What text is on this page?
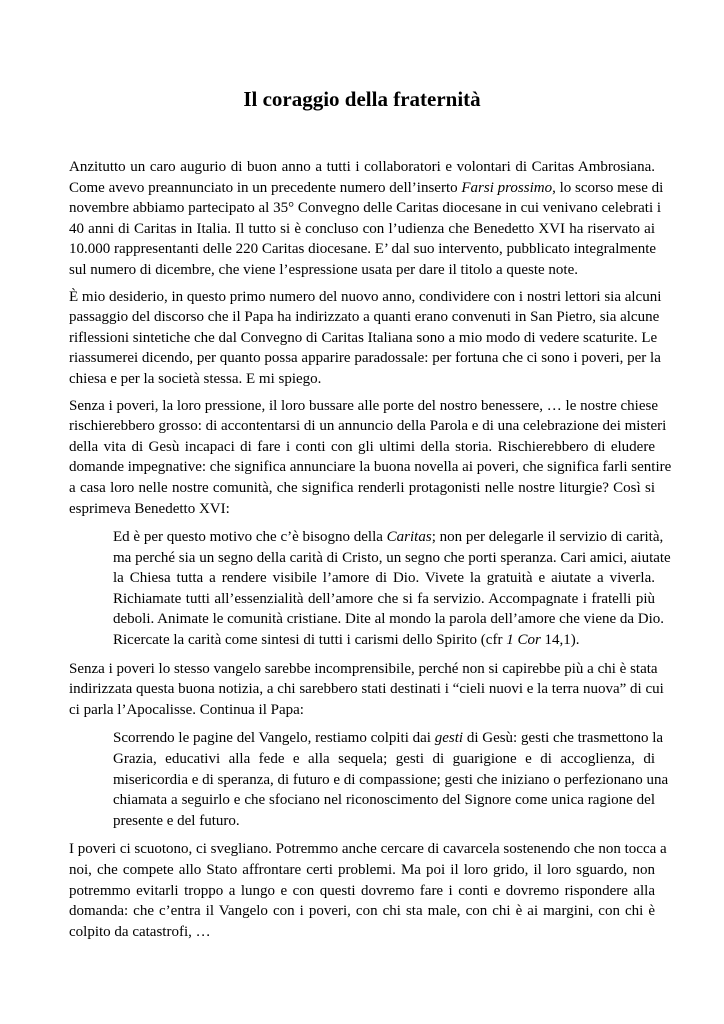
Il coraggio della fraternità

Anzitutto un caro augurio di buon anno a tutti i collaboratori e volontari di Caritas Ambrosiana.
Come avevo preannunciato in un precedente numero dell’inserto Farsi prossimo, lo scorso mese di
novembre abbiamo partecipato al 35° Convegno delle Caritas diocesane in cui venivano celebrati i
40 anni di Caritas in Italia. Il tutto si è concluso con l’udienza che Benedetto XVI ha riservato ai
10.000 rappresentanti delle 220 Caritas diocesane. E’ dal suo intervento, pubblicato integralmente
sul numero di dicembre, che viene l’espressione usata per dare il titolo a queste note.

È mio desiderio, in questo primo numero del nuovo anno, condividere con i nostri lettori sia alcuni
passaggio del discorso che il Papa ha indirizzato a quanti erano convenuti in San Pietro, sia alcune
riflessioni sintetiche che dal Convegno di Caritas Italiana sono a mio modo di vedere scaturite. Le
riassumerei dicendo, per quanto possa apparire paradossale: per fortuna che ci sono i poveri, per la
chiesa e per la società stessa. E mi spiego.

Senza i poveri, la loro pressione, il loro bussare alle porte del nostro benessere, … le nostre chiese
rischierebbero grosso: di accontentarsi di un annuncio della Parola e di una celebrazione dei misteri
della vita di Gesù incapaci di fare i conti con gli ultimi della storia. Rischierebbero di eludere
domande impegnative: che significa annunciare la buona novella ai poveri, che significa farli sentire
a casa loro nelle nostre comunità, che significa renderli protagonisti nelle nostre liturgie? Così si
esprimeva Benedetto XVI:

Ed è per questo motivo che c’è bisogno della Caritas; non per delegarle il servizio di carità,
ma perché sia un segno della carità di Cristo, un segno che porti speranza. Cari amici, aiutate
la Chiesa tutta a rendere visibile l’amore di Dio. Vivete la gratuità e aiutate a viverla.
Richiamate tutti all’essenzialità dell’amore che si fa servizio. Accompagnate i fratelli più
deboli. Animate le comunità cristiane. Dite al mondo la parola dell’amore che viene da Dio.
Ricercate la carità come sintesi di tutti i carismi dello Spirito (cfr 1 Cor 14,1).

Senza i poveri lo stesso vangelo sarebbe incomprensibile, perché non si capirebbe più a chi è stata
indirizzata questa buona notizia, a chi sarebbero stati destinati i “cieli nuovi e la terra nuova” di cui
ci parla l’Apocalisse. Continua il Papa:

Scorrendo le pagine del Vangelo, restiamo colpiti dai gesti di Gesù: gesti che trasmettono la
Grazia, educativi alla fede e alla sequela; gesti di guarigione e di accoglienza, di
misericordia e di speranza, di futuro e di compassione; gesti che iniziano o perfezionano una
chiamata a seguirlo e che sfociano nel riconoscimento del Signore come unica ragione del
presente e del futuro.

I poveri ci scuotono, ci svegliano. Potremmo anche cercare di cavarcela sostenendo che non tocca a
noi, che compete allo Stato affrontare certi problemi. Ma poi il loro grido, il loro sguardo, non
potremmo evitarli troppo a lungo e con questi dovremo fare i conti e dovremo rispondere alla
domanda: che c’entra il Vangelo con i poveri, con chi sta male, con chi è ai margini, con chi è
colpito da catastrofi, …
